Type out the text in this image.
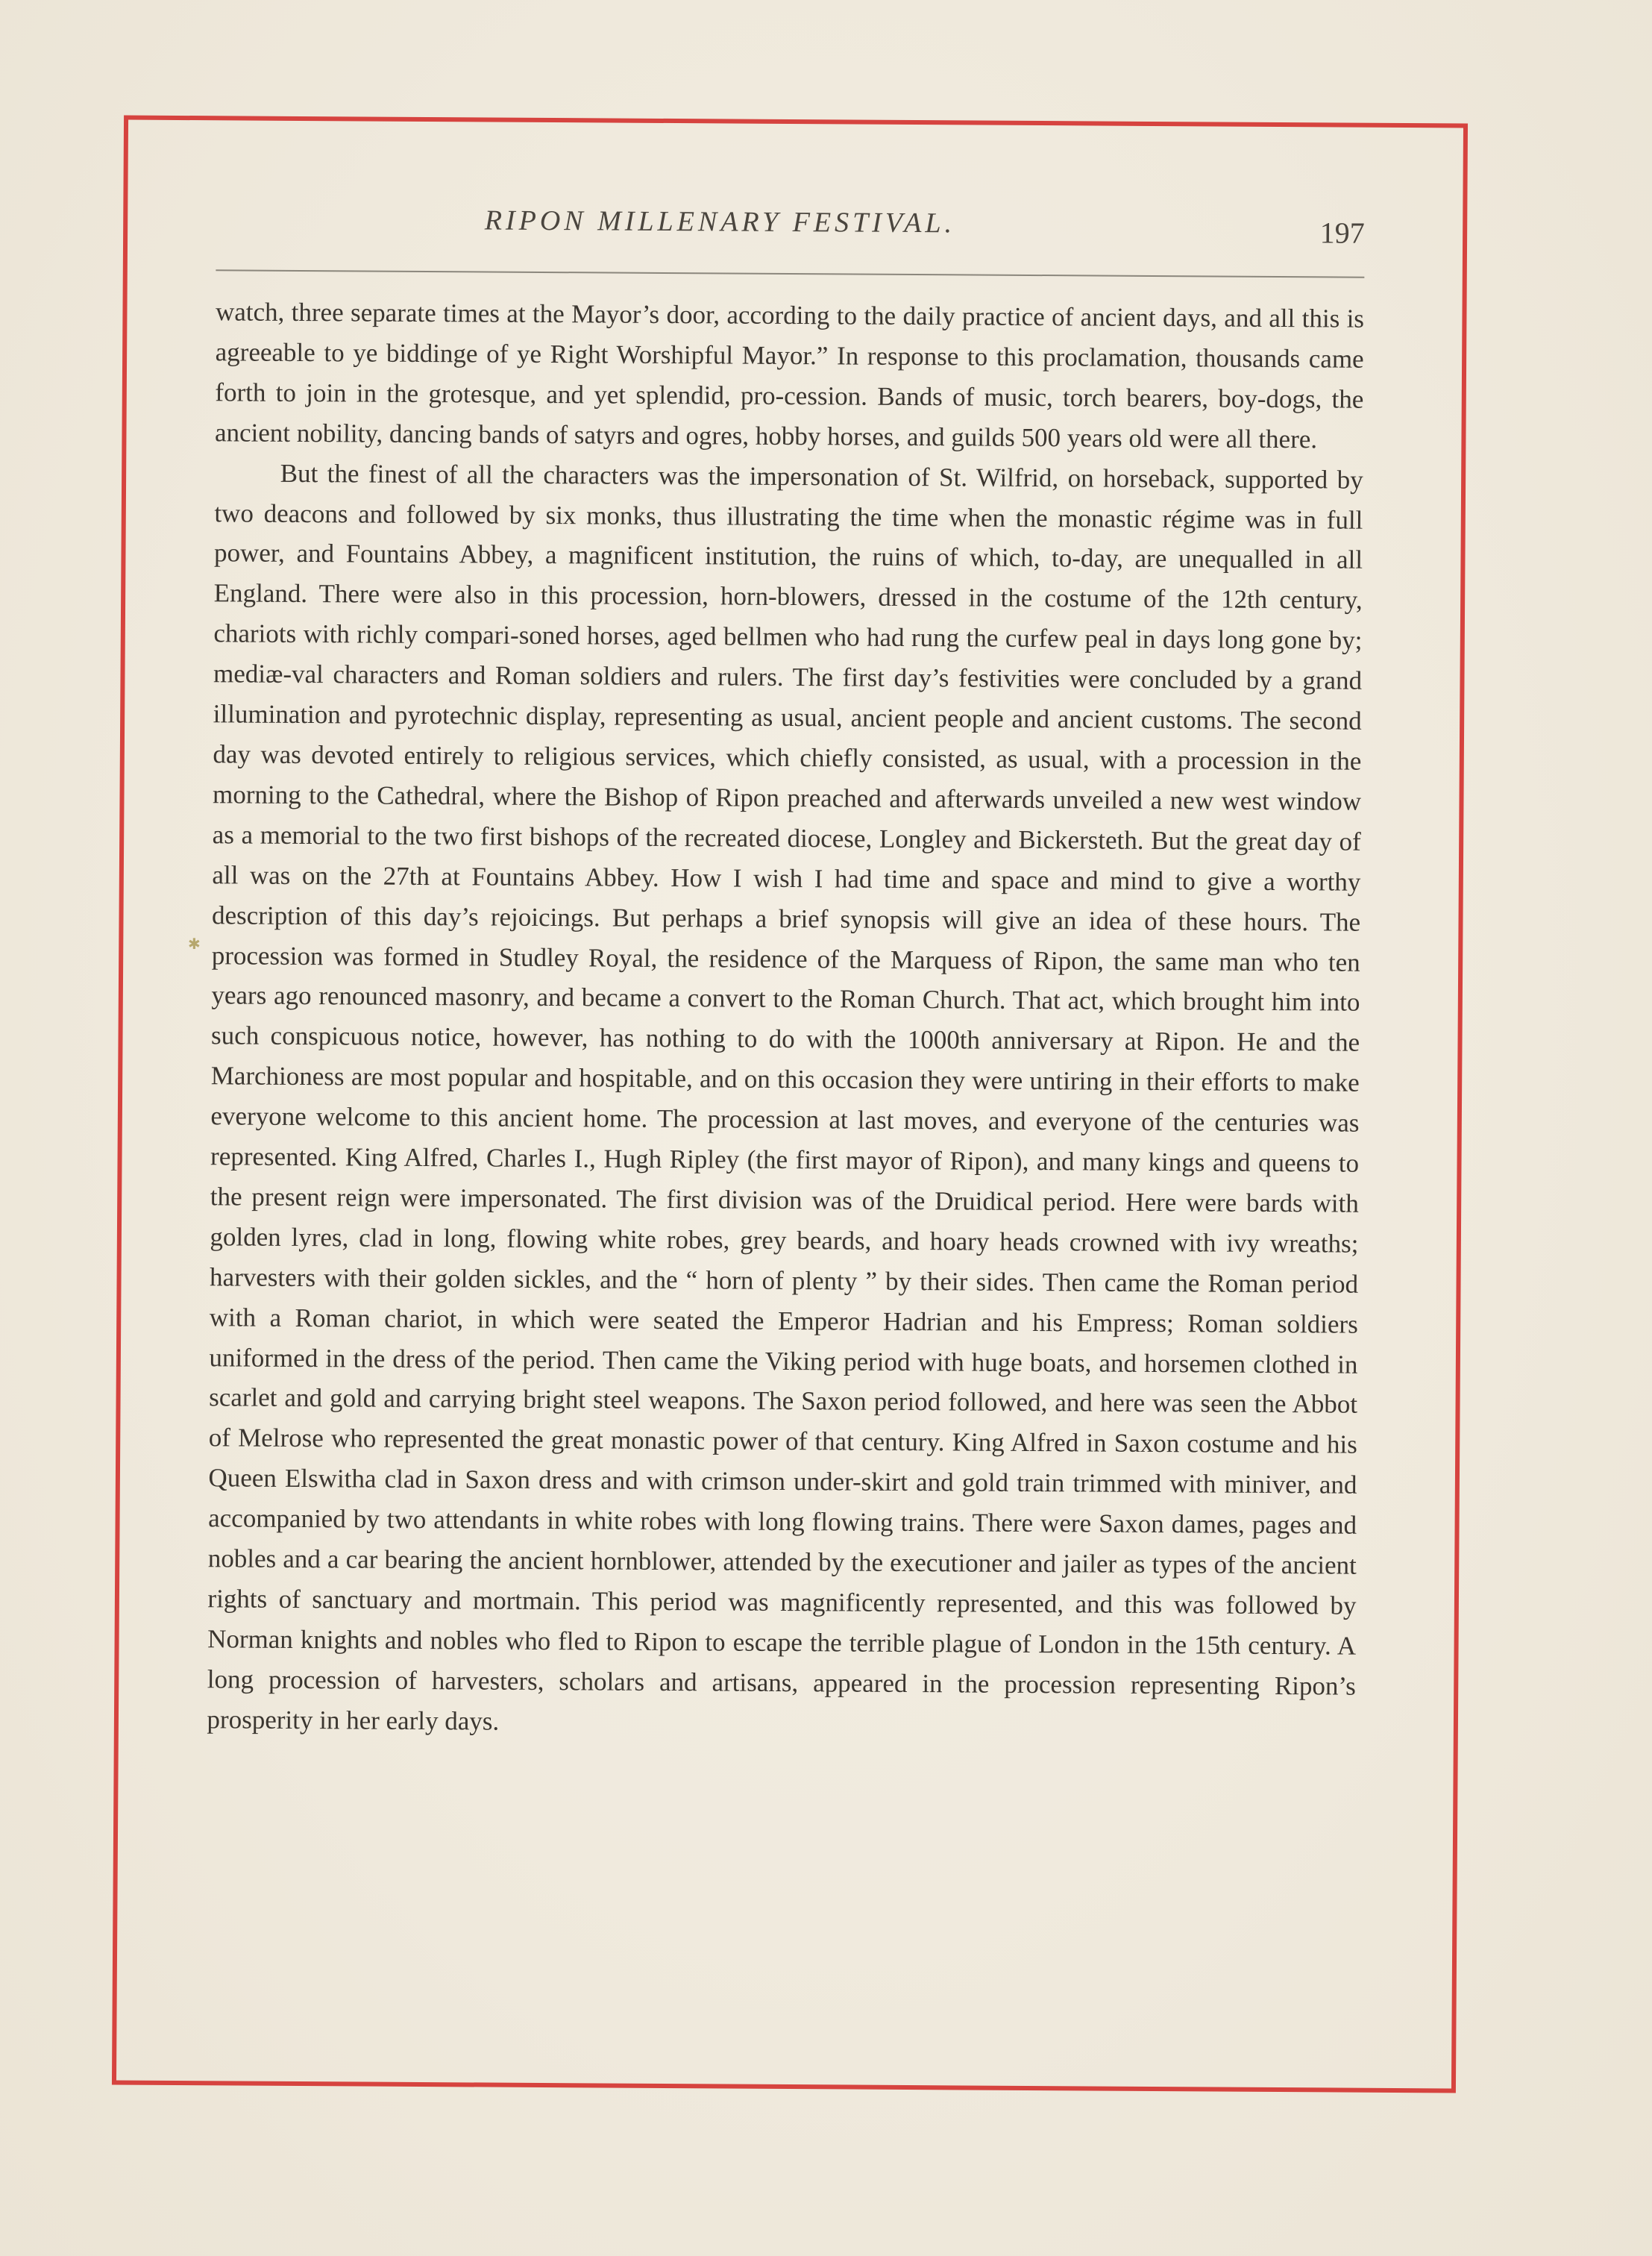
RIPON MILLENARY FESTIVAL.	197

watch, three separate times at the Mayor’s door, according to the daily practice of ancient days, and all this is agreeable to ye biddinge of ye Right Worshipful Mayor.” In response to this proclamation, thousands came forth to join in the grotesque, and yet splendid, pro-cession. Bands of music, torch bearers, boy-dogs, the ancient nobility, dancing bands of satyrs and ogres, hobby horses, and guilds 500 years old were all there.

But the finest of all the characters was the impersonation of St. Wilfrid, on horseback, supported by two deacons and followed by six monks, thus illustrating the time when the monastic régime was in full power, and Fountains Abbey, a magnificent institution, the ruins of which, to-day, are unequalled in all England. There were also in this procession, horn-blowers, dressed in the costume of the 12th century, chariots with richly compari-soned horses, aged bellmen who had rung the curfew peal in days long gone by; mediæ-val characters and Roman soldiers and rulers. The first day’s festivities were concluded by a grand illumination and pyrotechnic display, representing as usual, ancient people and ancient customs. The second day was devoted entirely to religious services, which chiefly consisted, as usual, with a procession in the morning to the Cathedral, where the Bishop of Ripon preached and afterwards unveiled a new west window as a memorial to the two first bishops of the recreated diocese, Longley and Bickersteth. But the great day of all was on the 27th at Fountains Abbey. How I wish I had time and space and mind to give a worthy description of this day’s rejoicings. But perhaps a brief synopsis will give an idea of these hours. The procession was formed in Studley Royal, the residence of the Marquess of Ripon, the same man who ten years ago renounced masonry, and became a convert to the Roman Church. That act, which brought him into such conspicuous notice, however, has nothing to do with the 1000th anniversary at Ripon. He and the Marchioness are most popular and hospitable, and on this occasion they were untiring in their efforts to make everyone welcome to this ancient home. The procession at last moves, and everyone of the centuries was represented. King Alfred, Charles I., Hugh Ripley (the first mayor of Ripon), and many kings and queens to the present reign were impersonated. The first division was of the Druidical period. Here were bards with golden lyres, clad in long, flowing white robes, grey beards, and hoary heads crowned with ivy wreaths; harvesters with their golden sickles, and the “ horn of plenty ” by their sides. Then came the Roman period with a Roman chariot, in which were seated the Emperor Hadrian and his Empress; Roman soldiers uniformed in the dress of the period. Then came the Viking period with huge boats, and horsemen clothed in scarlet and gold and carrying bright steel weapons. The Saxon period followed, and here was seen the Abbot of Melrose who represented the great monastic power of that century. King Alfred in Saxon costume and his Queen Elswitha clad in Saxon dress and with crimson under-skirt and gold train trimmed with miniver, and accompanied by two attendants in white robes with long flowing trains. There were Saxon dames, pages and nobles and a car bearing the ancient hornblower, attended by the executioner and jailer as types of the ancient rights of sanctuary and mortmain. This period was magnificently represented, and this was followed by Norman knights and nobles who fled to Ripon to escape the terrible plague of London in the 15th century. A long procession of harvesters, scholars and artisans, appeared in the procession representing Ripon’s prosperity in her early days.

✱
